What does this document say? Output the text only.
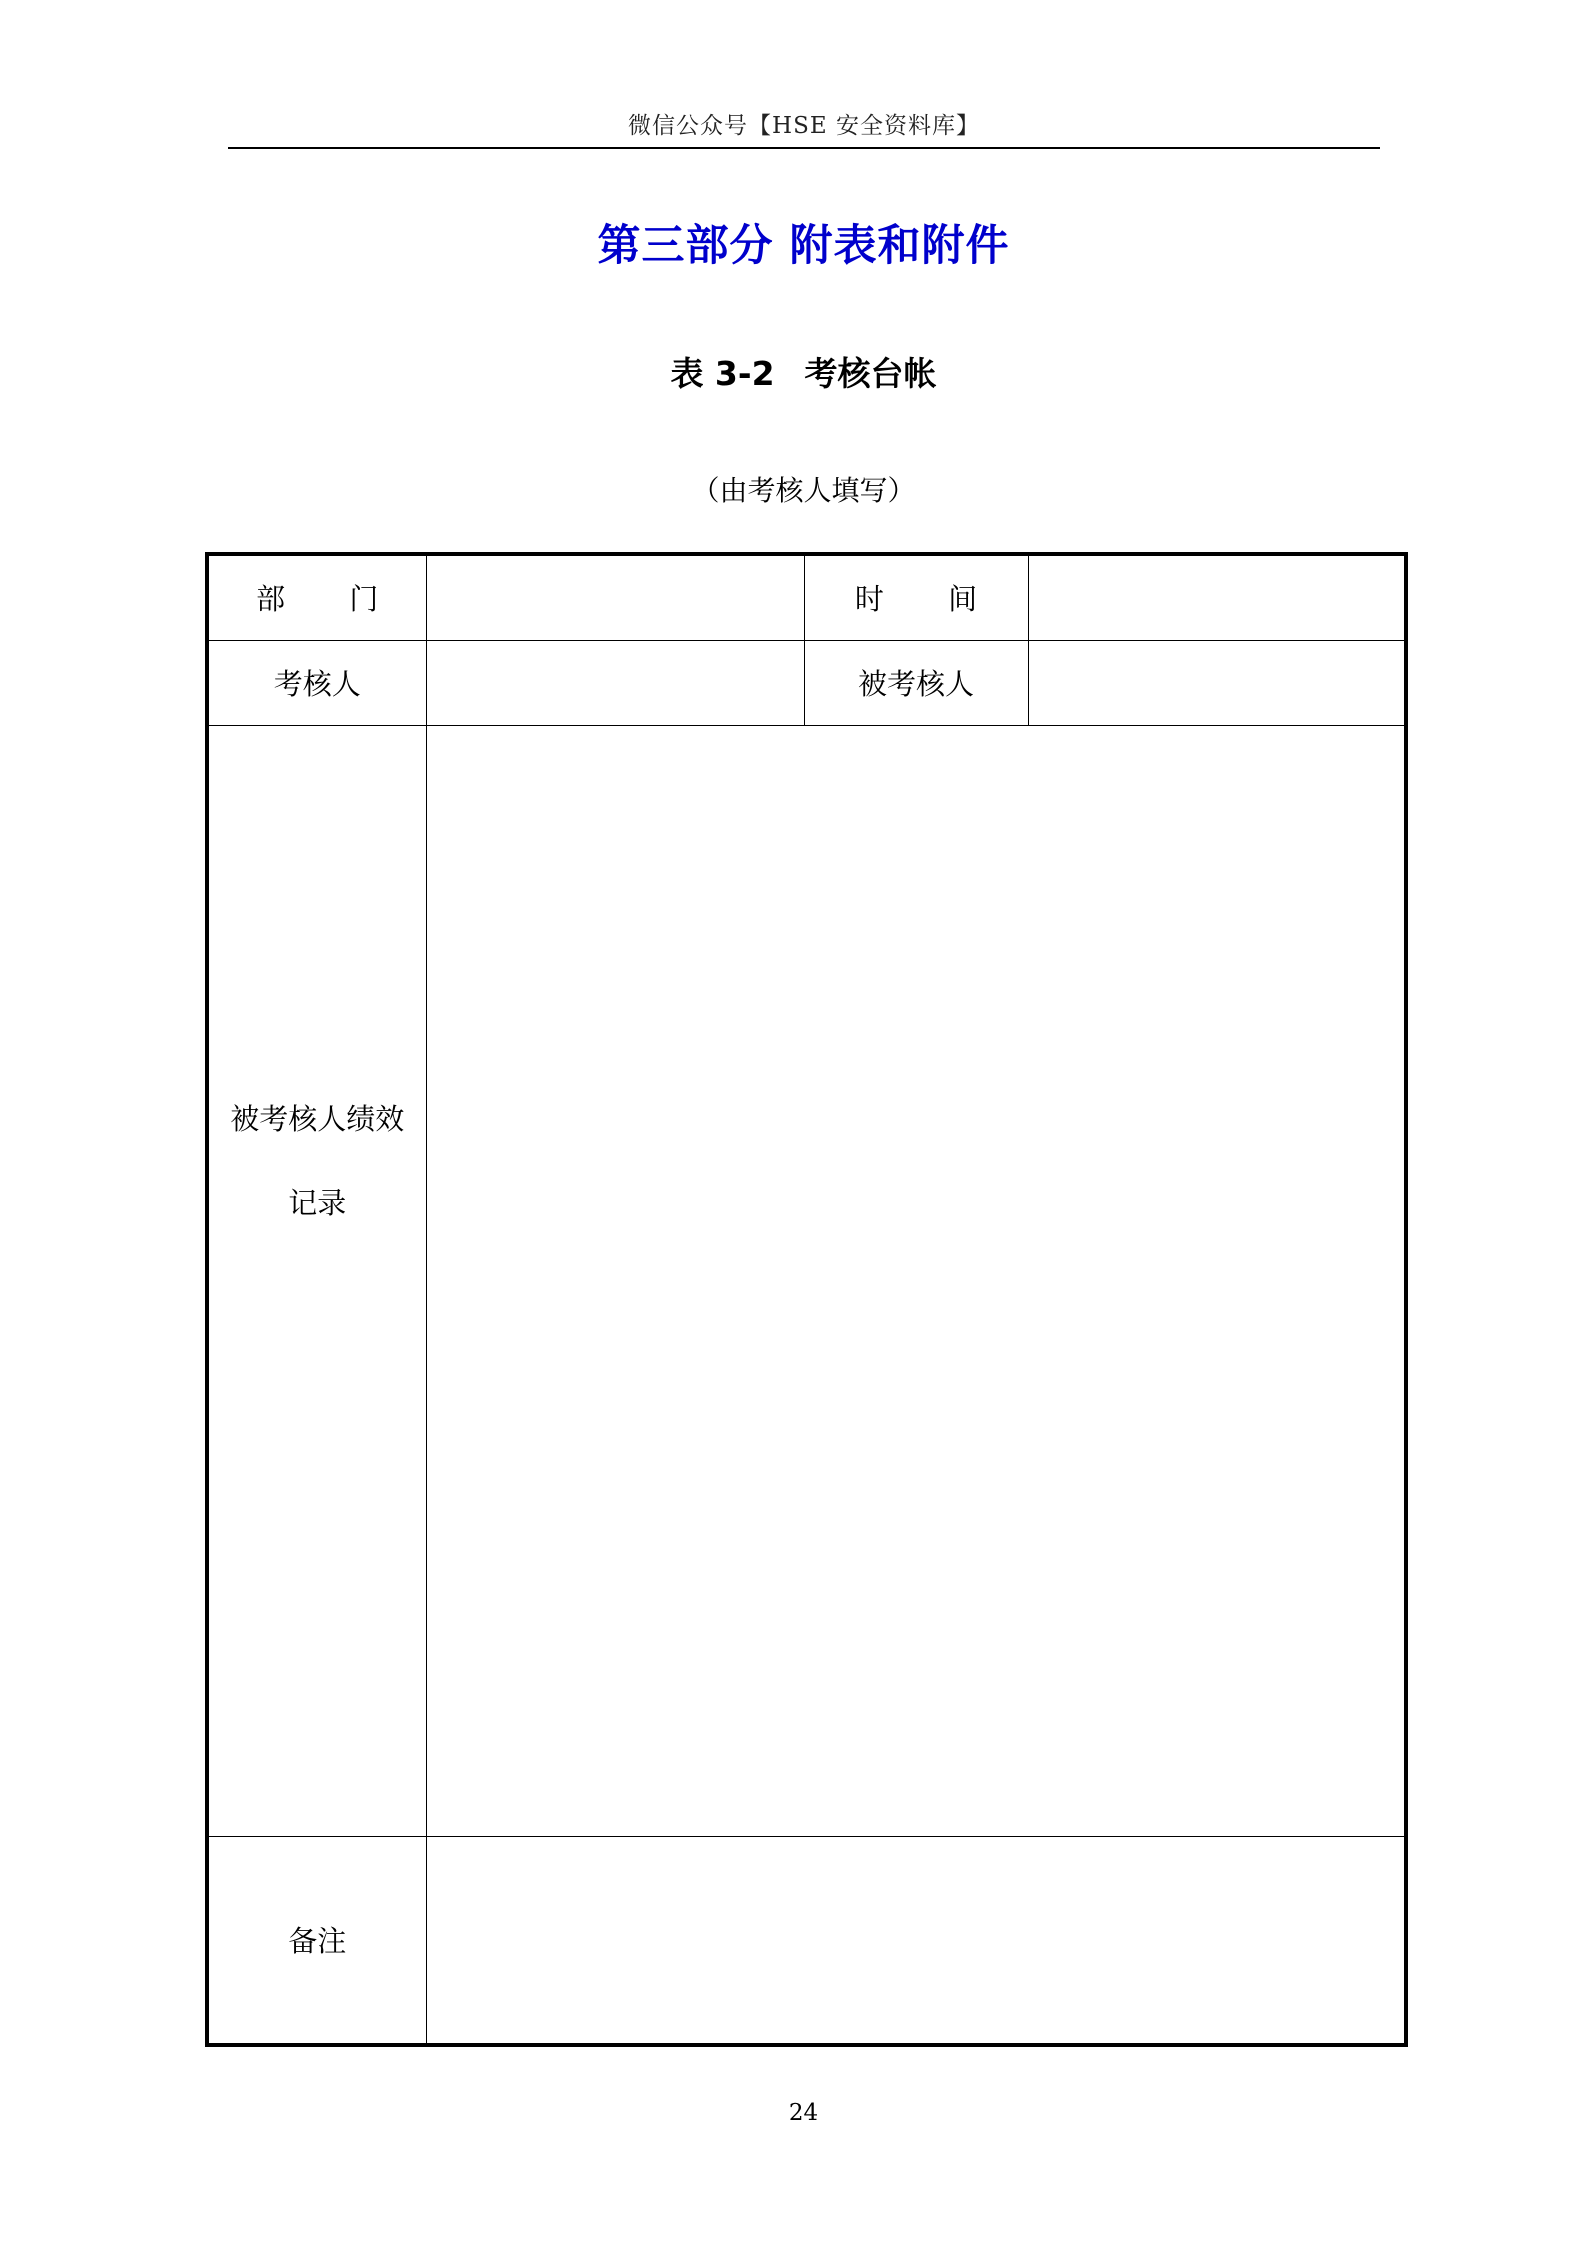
微信公众号【HSE 安全资料库】
第三部分 附表和附件
表 3-2 考核台帐
（由考核人填写）
部 门		时 间	
考核人		被考核人	

被考核人绩效
记录			

备注			
24
